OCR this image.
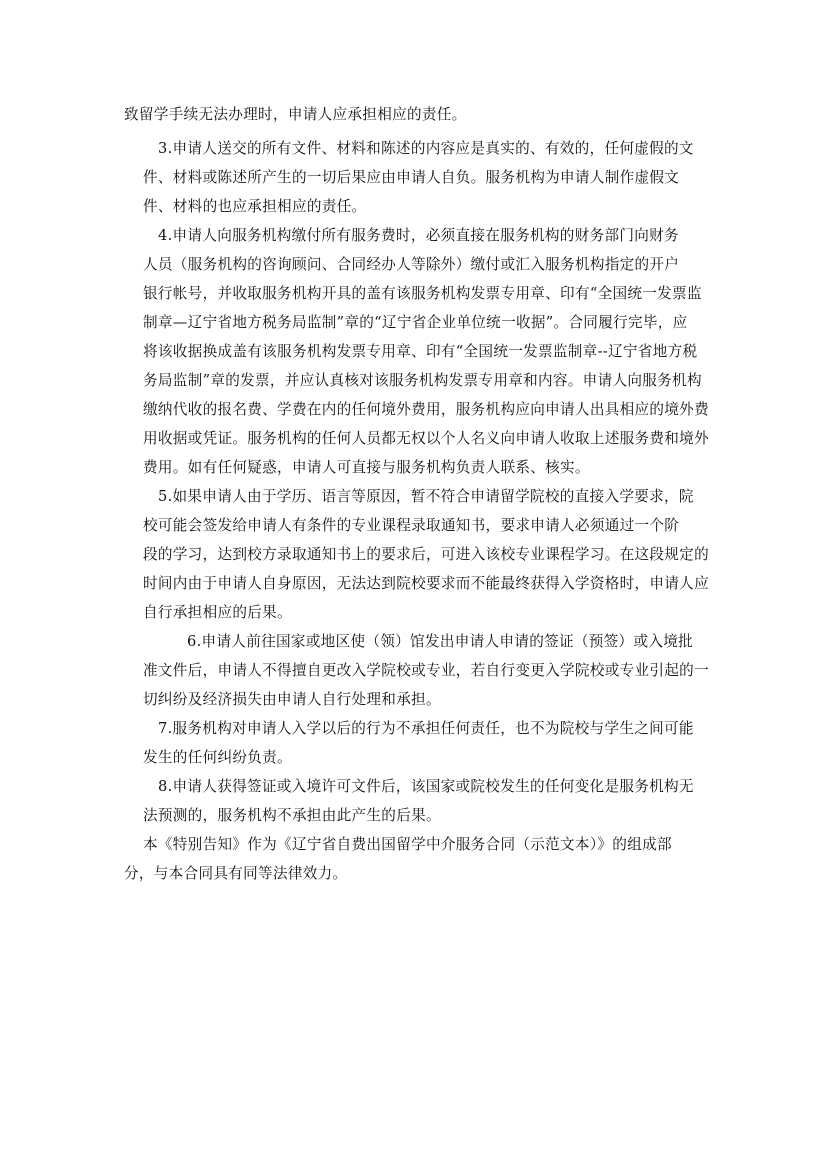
致留学手续无法办理时，申请人应承担相应的责任。
3.申请人送交的所有文件、材料和陈述的内容应是真实的、有效的，任何虚假的文
件、材料或陈述所产生的一切后果应由申请人自负。服务机构为申请人制作虚假文
件、材料的也应承担相应的责任。
4.申请人向服务机构缴付所有服务费时，必须直接在服务机构的财务部门向财务
人员（服务机构的咨询顾问、合同经办人等除外）缴付或汇入服务机构指定的开户
银行帐号，并收取服务机构开具的盖有该服务机构发票专用章、印有“全国统一发票监
制章—辽宁省地方税务局监制”章的“辽宁省企业单位统一收据”。合同履行完毕，应
将该收据换成盖有该服务机构发票专用章、印有“全国统一发票监制章--辽宁省地方税
务局监制”章的发票，并应认真核对该服务机构发票专用章和内容。申请人向服务机构
缴纳代收的报名费、学费在内的任何境外费用，服务机构应向申请人出具相应的境外费
用收据或凭证。服务机构的任何人员都无权以个人名义向申请人收取上述服务费和境外
费用。如有任何疑惑，申请人可直接与服务机构负责人联系、核实。
5.如果申请人由于学历、语言等原因，暂不符合申请留学院校的直接入学要求，院
校可能会签发给申请人有条件的专业课程录取通知书，要求申请人必须通过一个阶
段的学习，达到校方录取通知书上的要求后，可进入该校专业课程学习。在这段规定的
时间内由于申请人自身原因，无法达到院校要求而不能最终获得入学资格时，申请人应
自行承担相应的后果。
6.申请人前往国家或地区使（领）馆发出申请人申请的签证（预签）或入境批
准文件后，申请人不得擅自更改入学院校或专业，若自行变更入学院校或专业引起的一
切纠纷及经济损失由申请人自行处理和承担。
7.服务机构对申请人入学以后的行为不承担任何责任，也不为院校与学生之间可能
发生的任何纠纷负责。
8.申请人获得签证或入境许可文件后，该国家或院校发生的任何变化是服务机构无
法预测的，服务机构不承担由此产生的后果。
本《特别告知》作为《辽宁省自费出国留学中介服务合同（示范文本）》的组成部
分，与本合同具有同等法律效力。
